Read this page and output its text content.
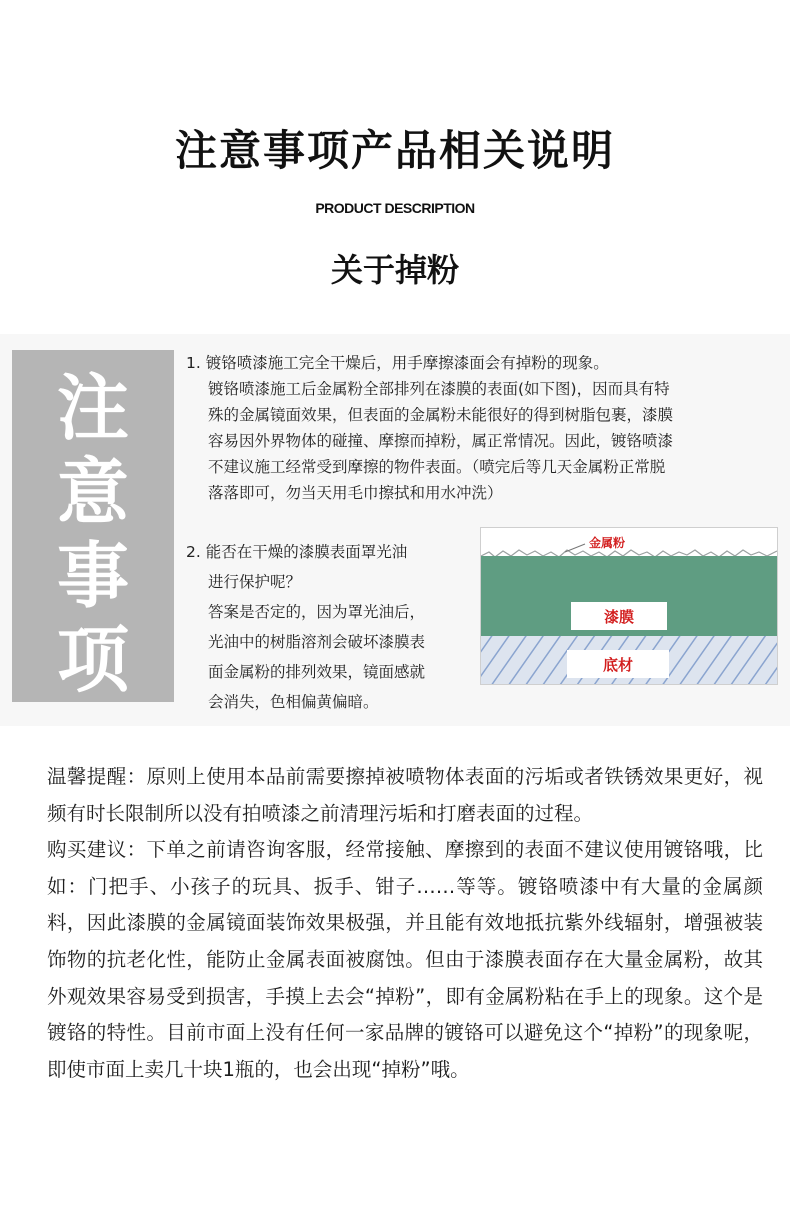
注意事项产品相关说明
PRODUCT DESCRIPTION
关于掉粉
注
意
事
项
1. 镀铬喷漆施工完全干燥后，用手摩擦漆面会有掉粉的现象。
镀铬喷漆施工后金属粉全部排列在漆膜的表面(如下图)，因而具有特
殊的金属镜面效果，但表面的金属粉未能很好的得到树脂包裹，漆膜
容易因外界物体的碰撞、摩擦而掉粉，属正常情况。因此，镀铬喷漆
不建议施工经常受到摩擦的物件表面。（喷完后等几天金属粉正常脱
落落即可，勿当天用毛巾擦拭和用水冲洗）
2. 能否在干燥的漆膜表面罩光油
进行保护呢？
答案是否定的，因为罩光油后，
光油中的树脂溶剂会破坏漆膜表
面金属粉的排列效果，镜面感就
会消失，色相偏黄偏暗。
金属粉
漆膜
底材

温馨提醒：原则上使用本品前需要擦掉被喷物体表面的污垢或者铁锈效果更好，视频有时长限制所以没有拍喷漆之前清理污垢和打磨表面的过程。

购买建议：下单之前请咨询客服，经常接触、摩擦到的表面不建议使用镀铬哦，比如：门把手、小孩子的玩具、扳手、钳子……等等。镀铬喷漆中有大量的金属颜料，因此漆膜的金属镜面装饰效果极强，并且能有效地抵抗紫外线辐射，增强被装饰物的抗老化性，能防止金属表面被腐蚀。但由于漆膜表面存在大量金属粉，故其外观效果容易受到损害，手摸上去会“掉粉”，即有金属粉粘在手上的现象。这个是镀铬的特性。目前市面上没有任何一家品牌的镀铬可以避免这个“掉粉”的现象呢，即使市面上卖几十块1瓶的，也会出现“掉粉”哦。
